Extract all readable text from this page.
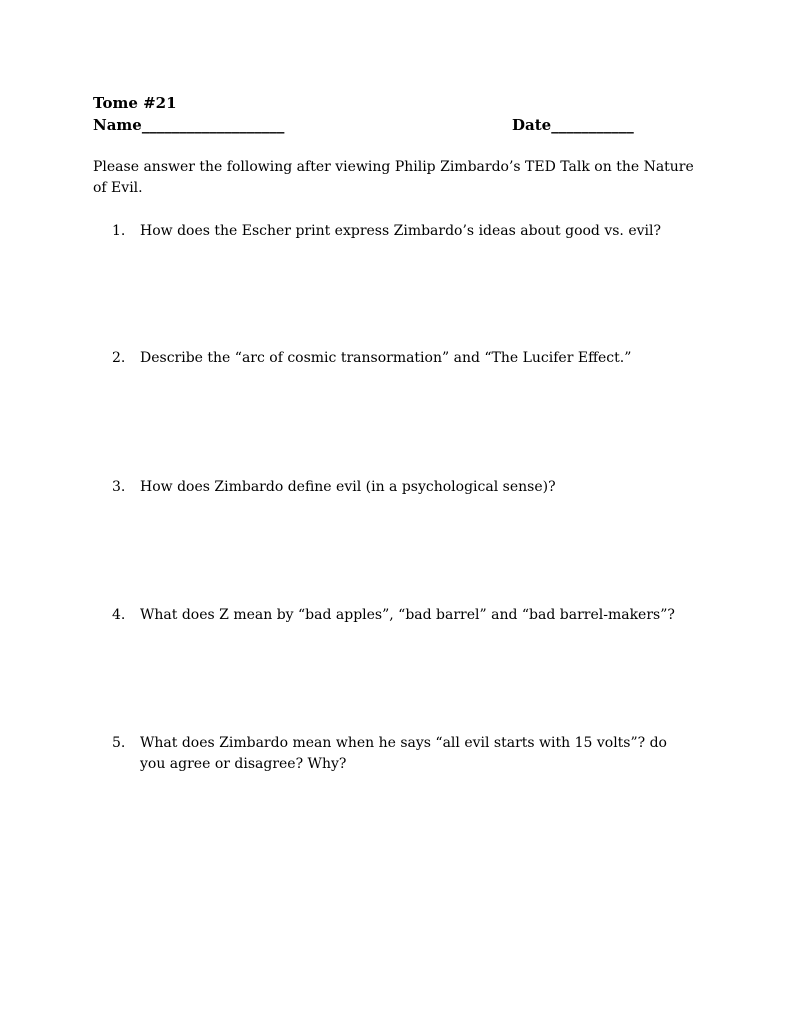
Tome #21
Name___________________	Date___________
Please answer the following after viewing Philip Zimbardo’s TED Talk on the Nature of Evil.
1.	How does the Escher print express Zimbardo’s ideas about good vs. evil?
2.	Describe the “arc of cosmic transormation” and “The Lucifer Effect.”
3.	How does Zimbardo define evil (in a psychological sense)?
4.	What does Z mean by “bad apples”, “bad barrel” and “bad barrel-makers”?
5.	What does Zimbardo mean when he says “all evil starts with 15 volts”? do you agree or disagree? Why?
